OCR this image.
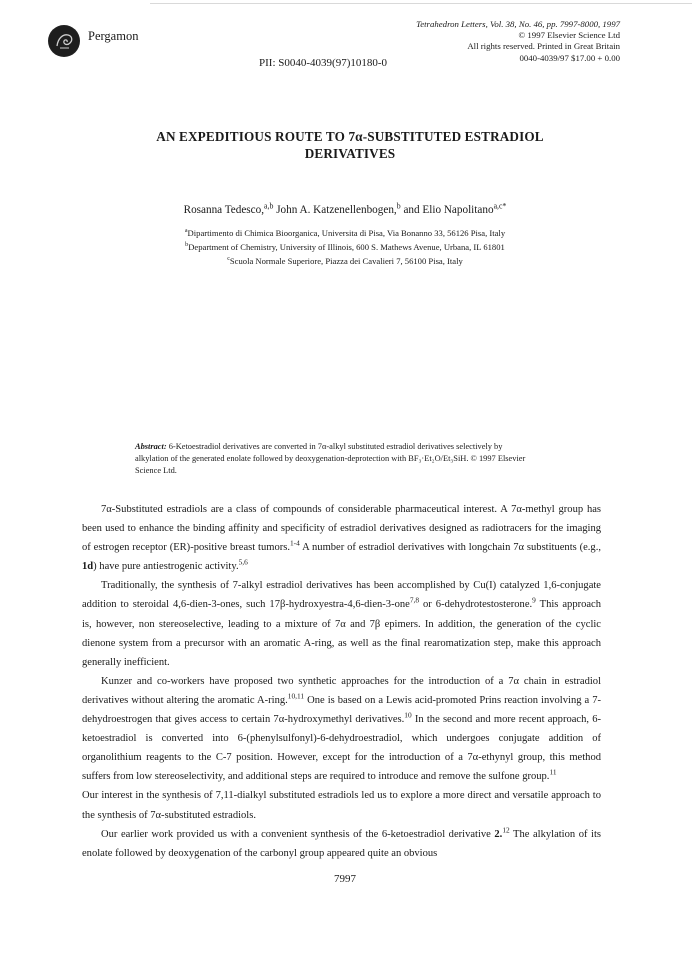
Pergamon
Tetrahedron Letters, Vol. 38, No. 46, pp. 7997-8000, 1997
© 1997 Elsevier Science Ltd
All rights reserved. Printed in Great Britain
0040-4039/97 $17.00 + 0.00
PII: S0040-4039(97)10180-0
AN EXPEDITIOUS ROUTE TO 7α-SUBSTITUTED ESTRADIOL
DERIVATIVES
Rosanna Tedesco,$^{a,b}$ John A. Katzenellenbogen,$^b$ and Elio Napolitano$^{a,c*}$
$^a$Dipartimento di Chimica Bioorganica, Universita di Pisa, Via Bonanno 33, 56126 Pisa, Italy
$^b$Department of Chemistry, University of Illinois, 600 S. Mathews Avenue, Urbana, IL 61801
$^c$Scuola Normale Superiore, Piazza dei Cavalieri 7, 56100 Pisa, Italy
Abstract: 6-Ketoestradiol derivatives are converted in 7α-alkyl substituted estradiol derivatives selectively by alkylation of the generated enolate followed by deoxygenation-deprotection with BF₃·Et₂O/Et₃SiH. © 1997 Elsevier Science Ltd.

7α-Substituted estradiols are a class of compounds of considerable pharmaceutical interest. A 7α-methyl group has been used to enhance the binding affinity and specificity of estradiol derivatives designed as radiotracers for the imaging of estrogen receptor (ER)-positive breast tumors.$^{1-4}$ A number of estradiol derivatives with longchain 7α substituents (e.g., 1d) have pure antiestrogenic activity.$^{5,6}$

Traditionally, the synthesis of 7-alkyl estradiol derivatives has been accomplished by Cu(I) catalyzed 1,6-conjugate addition to steroidal 4,6-dien-3-ones, such 17β-hydroxyestra-4,6-dien-3-one$^{7,8}$ or 6-dehydrotestosterone.$^9$ This approach is, however, non stereoselective, leading to a mixture of 7α and 7β epimers. In addition, the generation of the cyclic dienone system from a precursor with an aromatic A-ring, as well as the final rearomatization step, make this approach generally inefficient.

Kunzer and co-workers have proposed two synthetic approaches for the introduction of a 7α chain in estradiol derivatives without altering the aromatic A-ring.$^{10,11}$ One is based on a Lewis acid-promoted Prins reaction involving a 7-dehydroestrogen that gives access to certain 7α-hydroxymethyl derivatives.$^{10}$ In the second and more recent approach, 6-ketoestradiol is converted into 6-(phenylsulfonyl)-6-dehydroestradiol, which undergoes conjugate addition of organolithium reagents to the C-7 position. However, except for the introduction of a 7α-ethynyl group, this method suffers from low stereoselectivity, and additional steps are required to introduce and remove the sulfone group.$^{11}$

Our interest in the synthesis of 7,11-dialkyl substituted estradiols led us to explore a more direct and versatile approach to the synthesis of 7α-substituted estradiols.

Our earlier work provided us with a convenient synthesis of the 6-ketoestradiol derivative 2.12 The alkylation of its enolate followed by deoxygenation of the carbonyl group appeared quite an obvious

7997
